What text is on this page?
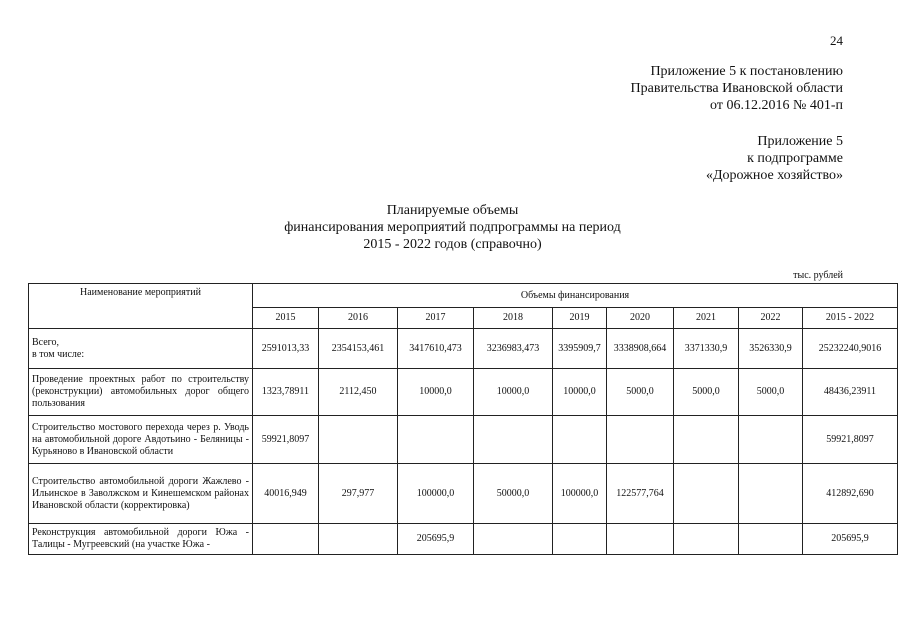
24
Приложение 5 к постановлению
Правительства Ивановской области
от 06.12.2016 № 401-п
Приложение 5
к подпрограмме
«Дорожное хозяйство»
Планируемые объемы
финансирования мероприятий подпрограммы на период
2015 - 2022 годов (справочно)
тыс. рублей
Наименование мероприятий	Объемы финансирования								
	2015	2016	2017	2018	2019	2020	2021	2022	2015 - 2022
Всего,
в том числе:	2591013,33	2354153,461	3417610,473	3236983,473	3395909,7	3338908,664	3371330,9	3526330,9	25232240,9016
Проведение проектных работ по строительству (реконструкции) автомобильных дорог общего пользования	1323,78911	2112,450	10000,0	10000,0	10000,0	5000,0	5000,0	5000,0	48436,23911
Строительство мостового перехода через р. Уводь на автомобильной дороге Авдотьино - Беляницы - Курьяново в Ивановской области	59921,8097								59921,8097
Строительство автомобильной дороги Жажлево - Ильинское в Заволжском и Кинешемском районах Ивановской области (корректировка)	40016,949	297,977	100000,0	50000,0	100000,0	122577,764			412892,690
Реконструкция автомобильной дороги Южа - Талицы - Мугреевский (на участке Южа -			205695,9						205695,9
